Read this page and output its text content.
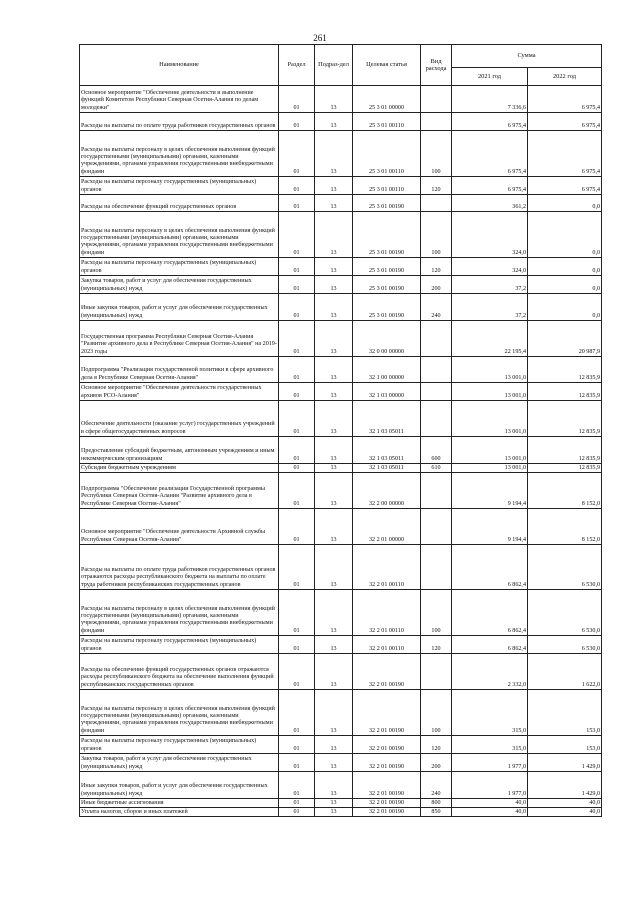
261
Наименование	Раздел	Подраз-дел	Целевая статья	Вид расхода	Сумма	
					2021 год	2022 год
Основное мероприятие "Обеспечение деятельности и выполнение функций Комитетом Республики Северная Осетия-Алания по делам молодежи"	01	13	25 3 01 00000		7 336,6	6 975,4
Расходы на выплаты по оплате труда работников государственных органов	01	13	25 3 01 00110		6 975,4	6 975,4
Расходы на выплаты персоналу в целях обеспечения выполнения функций государственными (муниципальными) органами, казенными учреждениями, органами управления государственными внебюджетными фондами	01	13	25 3 01 00110	100	6 975,4	6 975,4
Расходы на выплаты персоналу государственных (муниципальных) органов	01	13	25 3 01 00110	120	6 975,4	6 975,4
Расходы на обеспечение функций государственных органов	01	13	25 3 01 00190		361,2	0,0
Расходы на выплаты персоналу в целях обеспечения выполнения функций государственными (муниципальными) органами, казенными учреждениями, органами управления государственными внебюджетными фондами	01	13	25 3 01 00190	100	324,0	0,0
Расходы на выплаты персоналу государственных (муниципальных) органов	01	13	25 3 01 00190	120	324,0	0,0
Закупка товаров, работ и услуг для обеспечения государственных (муниципальных) нужд	01	13	25 3 01 00190	200	37,2	0,0
Иные закупки товаров, работ и услуг для обеспечения государственных (муниципальных) нужд	01	13	25 3 01 00190	240	37,2	0,0
Государственная программа Республики Северная Осетия-Алания "Развитие архивного дела в Республике Северная Осетия-Алания" на 2019-2023 годы	01	13	32 0 00 00000		22 195,4	20 987,9
Подпрограмма "Реализация государственной политики в сфере архивного дела в Республике Северная Осетия-Алания"	01	13	32 1 00 00000		13 001,0	12 835,9
Основное мероприятие "Обеспечение деятельности государственных архивов РСО-Алания"	01	13	32 1 03 00000		13 001,0	12 835,9
Обеспечение деятельности (оказание услуг) государственных учреждений в сфере общегосударственных вопросов	01	13	32 1 03 05011		13 001,0	12 835,9
Предоставление субсидий бюджетным, автономным учреждениям и иным некоммерческим организациям	01	13	32 1 03 05011	600	13 001,0	12 835,9
Субсидии бюджетным учреждениям	01	13	32 1 03 05011	610	13 001,0	12 835,9
Подпрограмма "Обеспечение реализации Государственной программы Республики Северная Осетия-Алания "Развитие архивного дела в Республике Северная Осетия-Алания"	01	13	32 2 00 00000		9 194,4	8 152,0
Основное мероприятие "Обеспечение деятельности Архивной службы Республики Северная Осетия-Алания"	01	13	32 2 01 00000		9 194,4	8 152,0
Расходы на выплаты по оплате труда работников государственных органов отражаются расходы республиканского бюджета на выплаты по оплате труда работников республиканских государственных органов	01	13	32 2 01 00110		6 862,4	6 530,0
Расходы на выплаты персоналу в целях обеспечения выполнения функций государственными (муниципальными) органами, казенными учреждениями, органами управления государственными внебюджетными фондами	01	13	32 2 01 00110	100	6 862,4	6 530,0
Расходы на выплаты персоналу государственных (муниципальных) органов	01	13	32 2 01 00110	120	6 862,4	6 530,0
Расходы на обеспечение функций государственных органов отражаются расходы республиканского бюджета на обеспечение выполнения функций республиканских государственных органов	01	13	32 2 01 00190		2 332,0	1 622,0
Расходы на выплаты персоналу в целях обеспечения выполнения функций государственными (муниципальными) органами, казенными учреждениями, органами управления государственными внебюджетными фондами	01	13	32 2 01 00190	100	315,0	153,0
Расходы на выплаты персоналу государственных (муниципальных) органов	01	13	32 2 01 00190	120	315,0	153,0
Закупка товаров, работ и услуг для обеспечения государственных (муниципальных) нужд	01	13	32 2 01 00190	200	1 977,0	1 429,0
Иные закупки товаров, работ и услуг для обеспечения государственных (муниципальных) нужд	01	13	32 2 01 00190	240	1 977,0	1 429,0
Иные бюджетные ассигнования	01	13	32 2 01 00190	800	40,0	40,0
Уплата налогов, сборов и иных платежей	01	13	32 2 01 00190	850	40,0	40,0
